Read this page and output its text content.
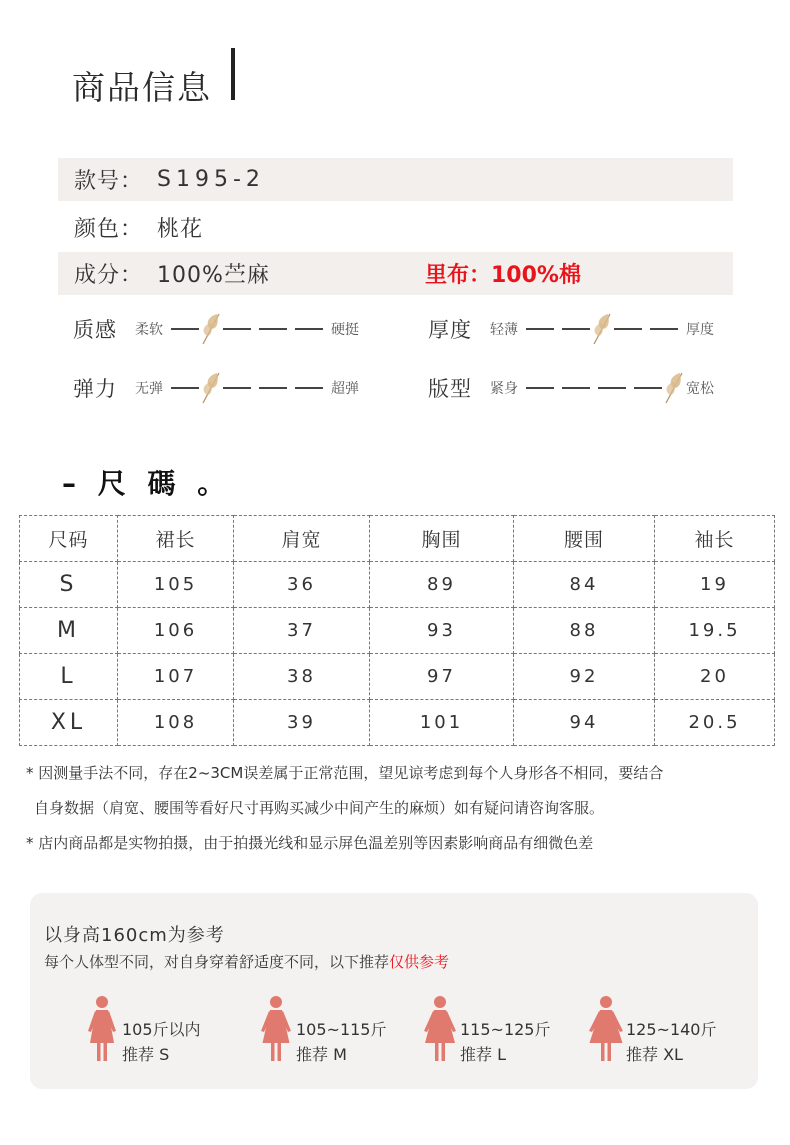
商品信息
款号： S195-2
颜色： 桃花
成分： 100%苎麻	里布：100%棉
质感	柔软	硬挺	厚度	轻薄	厚度
弹力	无弹	超弹	版型	紧身	宽松
– 尺 碼 。
尺码	裙长	肩宽	胸围	腰围	袖长
S	105	36	89	84	19
M	106	37	93	88	19.5
L	107	38	97	92	20
XL	108	39	101	94	20.5
* 因测量手法不同，存在2~3CM误差属于正常范围，望见谅考虑到每个人身形各不相同，要结合
自身数据（肩宽、腰围等看好尺寸再购买减少中间产生的麻烦）如有疑问请咨询客服。
* 店内商品都是实物拍摄，由于拍摄光线和显示屏色温差别等因素影响商品有细微色差
以身高160cm为参考
每个人体型不同，对自身穿着舒适度不同，以下推荐仅供参考
105斤以内
推荐 S
105~115斤
推荐 M
115~125斤
推荐 L
125~140斤
推荐 XL
